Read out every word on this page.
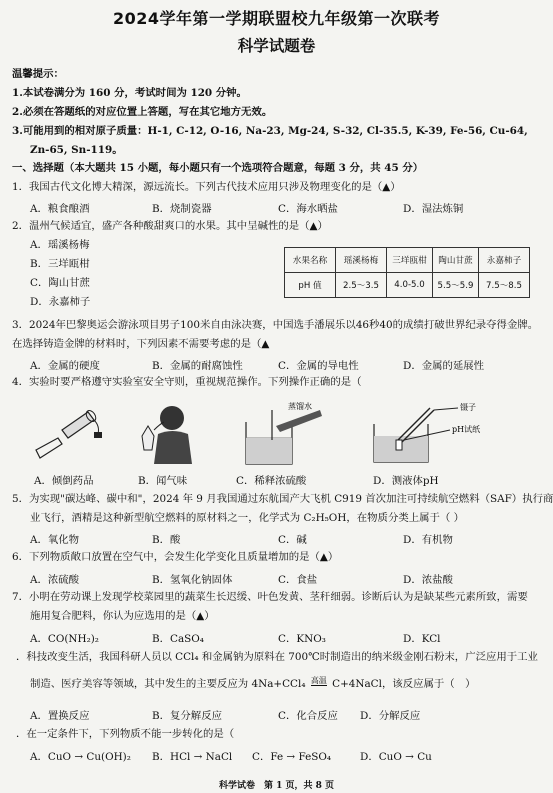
2024学年第一学期联盟校九年级第一次联考
科学试题卷
温馨提示：
1.本试卷满分为 160 分，考试时间为 120 分钟。
2.必须在答题纸的对应位置上答题，写在其它地方无效。
3.可能用到的相对原子质量：H-1, C-12, O-16, Na-23, Mg-24, S-32, Cl-35.5, K-39, Fe-56, Cu-64,
Zn-65, Sn-119。
一、选择题（本大题共 15 小题，每小题只有一个选项符合题意，每题 3 分，共 45 分）
1．我国古代文化博大精深，源远流长。下列古代技术应用只涉及物理变化的是（▲）
A．粮食酿酒	B．烧制瓷器	C．海水晒盐	D．湿法炼铜
2．温州气候适宜，盛产各种酸甜爽口的水果。其中呈碱性的是（▲）
A．瑶溪杨梅
B．三垟瓯柑
C．陶山甘蔗
D．永嘉柿子
水果名称	瑶溪杨梅	三垟瓯柑	陶山甘蔗	永嘉柿子
pH 值	2.5～3.5	4.0-5.0	5.5～5.9	7.5～8.5
3．2024年巴黎奥运会游泳项目男子100米自由泳决赛，中国选手潘展乐以46秒40的成绩打破世界纪录夺得金牌。
在选择铸造金牌的材料时，下列因素不需要考虑的是（▲
A．金属的硬度	B．金属的耐腐蚀性	C．金属的导电性	D．金属的延展性
4．实验时要严格遵守实验室安全守则，重视规范操作。下列操作正确的是（
蒸馏水	镊子
pH试纸
A．倾倒药品	B．闻气味	C．稀释浓硫酸	D．测液体pH
5．为实现"碳达峰、碳中和"，2024 年 9 月我国通过东航国产大飞机 C919 首次加注可持续航空燃料（SAF）执行商
业飞行，酒精是这种新型航空燃料的原材料之一，化学式为 C₂H₅OH，在物质分类上属于（ ）
A．氧化物	B．酸	C．碱	D．有机物
6．下列物质敞口放置在空气中，会发生化学变化且质量增加的是（▲）
A．浓硫酸	B．氢氧化钠固体	C．食盐	D．浓盐酸
7．小明在劳动课上发现学校菜园里的蔬菜生长迟缓、叶色发黄、茎秆细弱。诊断后认为是缺某些元素所致，需要
施用复合肥料，你认为应选用的是（▲）
A．CO(NH₂)₂	B．CaSO₄	C．KNO₃	D．KCl
．科技改变生活，我国科研人员以 CCl₄ 和金属钠为原料在 700℃时制造出的纳米级金刚石粉末，广泛应用于工业
制造、医疗美容等领域，其中发生的主要反应为 4Na+CCl₄ 高温 C+4NaCl，该反应属于（　）
A．置换反应	B．复分解反应	C．化合反应 D．分解反应
．在一定条件下，下列物质不能一步转化的是（
A．CuO → Cu(OH)₂ B．HCl → NaCl C．Fe → FeSO₄	D．CuO → Cu
科学试卷　第 1 页，共 8 页
